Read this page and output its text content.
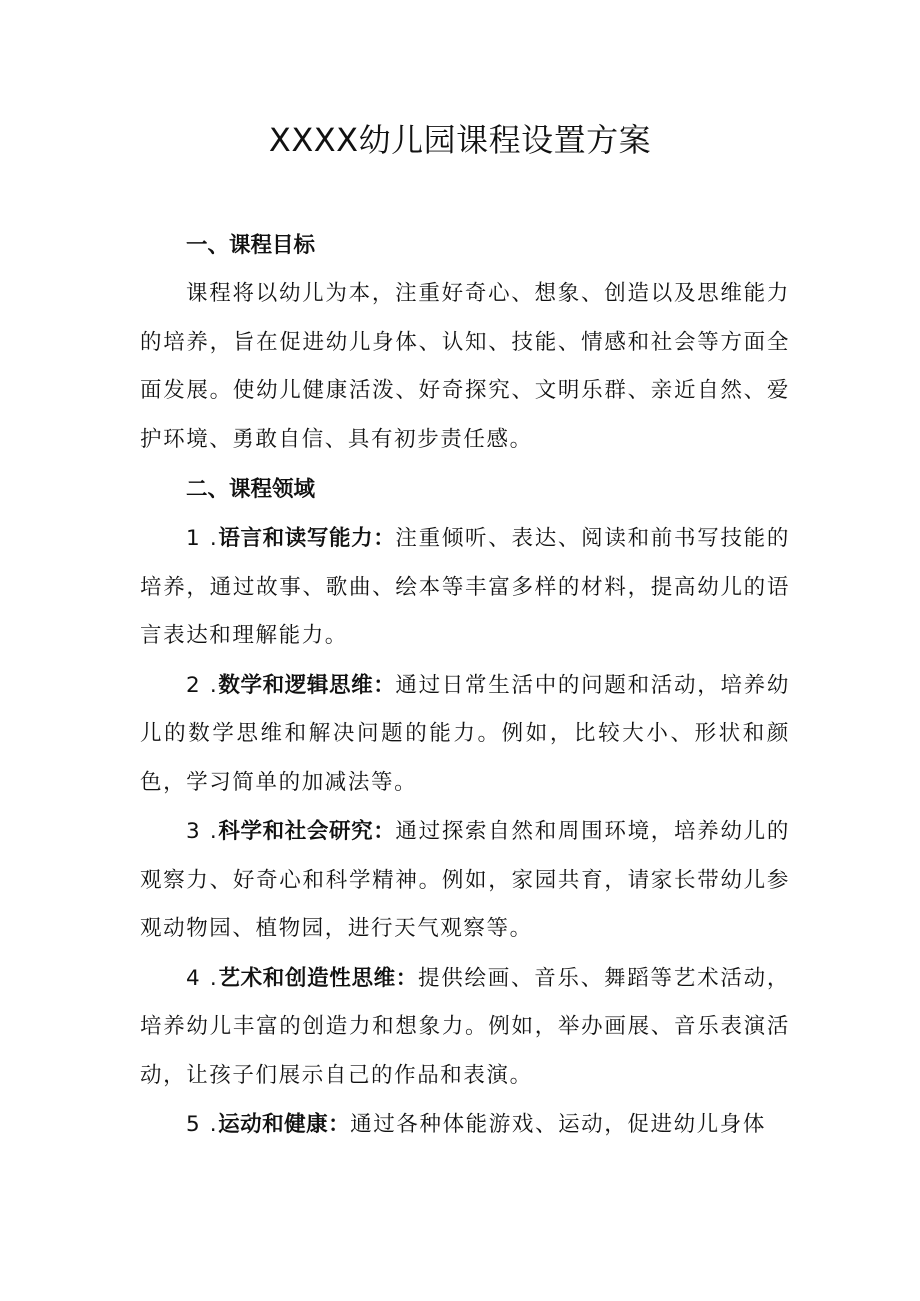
XXXX幼儿园课程设置方案
一、课程目标

课程将以幼儿为本，注重好奇心、想象、创造以及思维能力的培养，旨在促进幼儿身体、认知、技能、情感和社会等方面全面发展。使幼儿健康活泼、好奇探究、文明乐群、亲近自然、爱护环境、勇敢自信、具有初步责任感。

二、课程领域

1 .语言和读写能力：注重倾听、表达、阅读和前书写技能的培养，通过故事、歌曲、绘本等丰富多样的材料，提高幼儿的语言表达和理解能力。

2 .数学和逻辑思维：通过日常生活中的问题和活动，培养幼儿的数学思维和解决问题的能力。例如，比较大小、形状和颜色，学习简单的加减法等。

3 .科学和社会研究：通过探索自然和周围环境，培养幼儿的观察力、好奇心和科学精神。例如，家园共育，请家长带幼儿参观动物园、植物园，进行天气观察等。

4 .艺术和创造性思维：提供绘画、音乐、舞蹈等艺术活动，培养幼儿丰富的创造力和想象力。例如，举办画展、音乐表演活动，让孩子们展示自己的作品和表演。

5 .运动和健康：通过各种体能游戏、运动，促进幼儿身体
